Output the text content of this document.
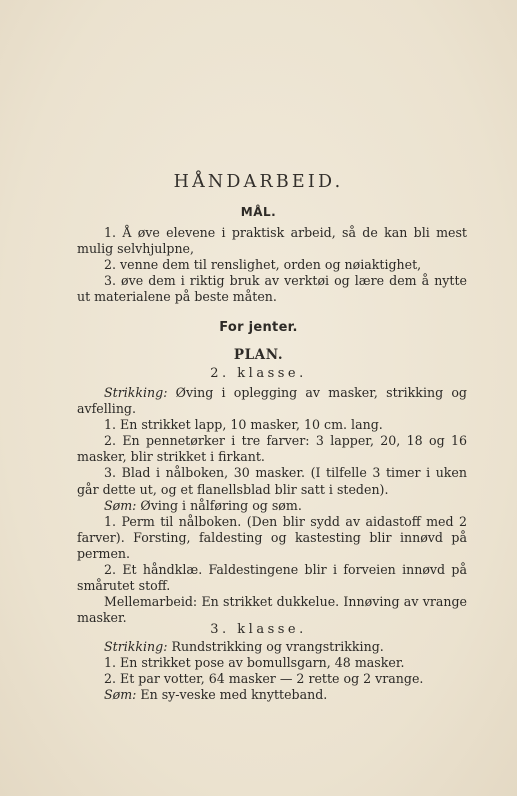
HÅNDARBEID.
MÅL.

1. Å øve elevene i praktisk arbeid, så de kan bli mest mulig selvhjulpne,

2. venne dem til renslighet, orden og nøiaktighet,

3. øve dem i riktig bruk av verktøi og lære dem å nytte ut materialene på beste måten.

For jenter.
PLAN.
2. klasse.

Strikking: Øving i oplegging av masker, strikking og avfelling.

1. En strikket lapp, 10 masker, 10 cm. lang.

2. En pennetørker i tre farver: 3 lapper, 20, 18 og 16 masker, blir strikket i firkant.

3. Blad i nålboken, 30 masker. (I tilfelle 3 timer i uken går dette ut, og et flanellsblad blir satt i steden).

Søm: Øving i nålføring og søm.

1. Perm til nålboken. (Den blir sydd av aidastoff med 2 farver). Forsting, faldesting og kastesting blir innøvd på permen.

2. Et håndklæ. Faldestingene blir i forveien innøvd på smårutet stoff.

Mellemarbeid: En strikket dukkelue. Innøving av vrange masker.

3. klasse.

Strikking: Rundstrikking og vrangstrikking.

1. En strikket pose av bomullsgarn, 48 masker.

2. Et par votter, 64 masker — 2 rette og 2 vrange.

Søm: En sy-veske med knytteband.
